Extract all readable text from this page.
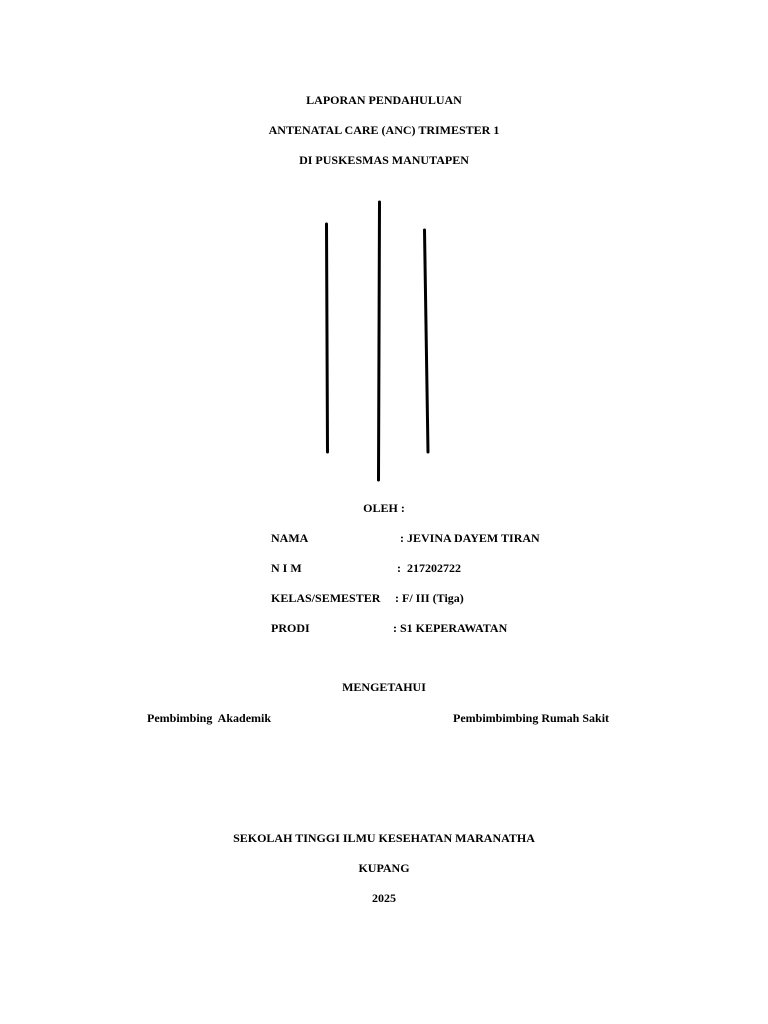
LAPORAN PENDAHULUAN
ANTENATAL CARE (ANC) TRIMESTER 1
DI PUSKESMAS MANUTAPEN
OLEH :
NAMA	: JEVINA DAYEM TIRAN
N I M	:  217202722
KELAS/SEMESTER : F/ III (Tiga)
PRODI	: S1 KEPERAWATAN
MENGETAHUI
Pembimbing  Akademik	Pembimbimbing Rumah Sakit
SEKOLAH TINGGI ILMU KESEHATAN MARANATHA
KUPANG
2025
